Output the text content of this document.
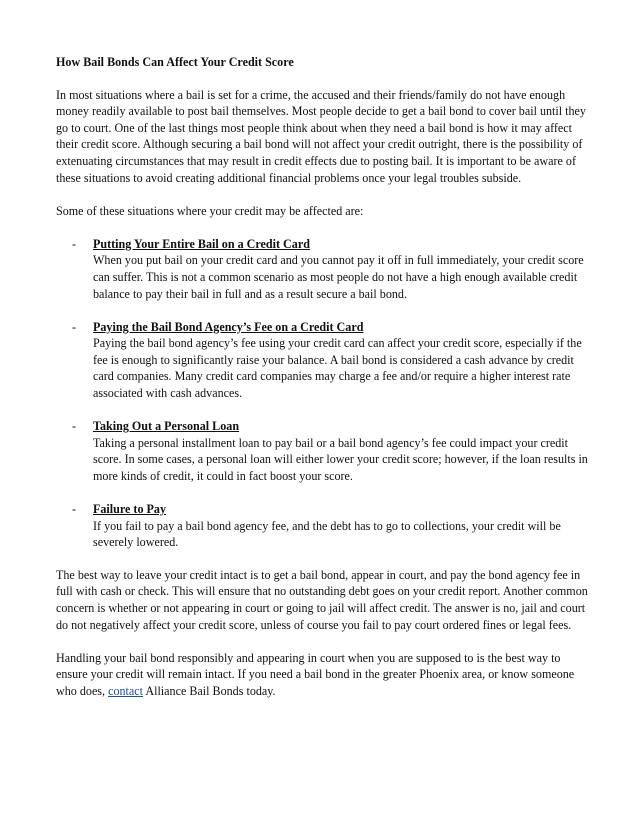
How Bail Bonds Can Affect Your Credit Score

In most situations where a bail is set for a crime, the accused and their friends/family do not have enough money readily available to post bail themselves. Most people decide to get a bail bond to cover bail until they go to court. One of the last things most people think about when they need a bail bond is how it may affect their credit score. Although securing a bail bond will not affect your credit outright, there is the possibility of extenuating circumstances that may result in credit effects due to posting bail. It is important to be aware of these situations to avoid creating additional financial problems once your legal troubles subside.

Some of these situations where your credit may be affected are:

- Putting Your Entire Bail on a Credit Card
When you put bail on your credit card and you cannot pay it off in full immediately, your credit score can suffer. This is not a common scenario as most people do not have a high enough available credit balance to pay their bail in full and as a result secure a bail bond.
- Paying the Bail Bond Agency’s Fee on a Credit Card
Paying the bail bond agency’s fee using your credit card can affect your credit score, especially if the fee is enough to significantly raise your balance. A bail bond is considered a cash advance by credit card companies. Many credit card companies may charge a fee and/or require a higher interest rate associated with cash advances.
- Taking Out a Personal Loan
Taking a personal installment loan to pay bail or a bail bond agency’s fee could impact your credit score. In some cases, a personal loan will either lower your credit score; however, if the loan results in more kinds of credit, it could in fact boost your score.
- Failure to Pay
If you fail to pay a bail bond agency fee, and the debt has to go to collections, your credit will be severely lowered.

The best way to leave your credit intact is to get a bail bond, appear in court, and pay the bond agency fee in full with cash or check. This will ensure that no outstanding debt goes on your credit report. Another common concern is whether or not appearing in court or going to jail will affect credit. The answer is no, jail and court do not negatively affect your credit score, unless of course you fail to pay court ordered fines or legal fees.

Handling your bail bond responsibly and appearing in court when you are supposed to is the best way to ensure your credit will remain intact. If you need a bail bond in the greater Phoenix area, or know someone who does, contact Alliance Bail Bonds today.
